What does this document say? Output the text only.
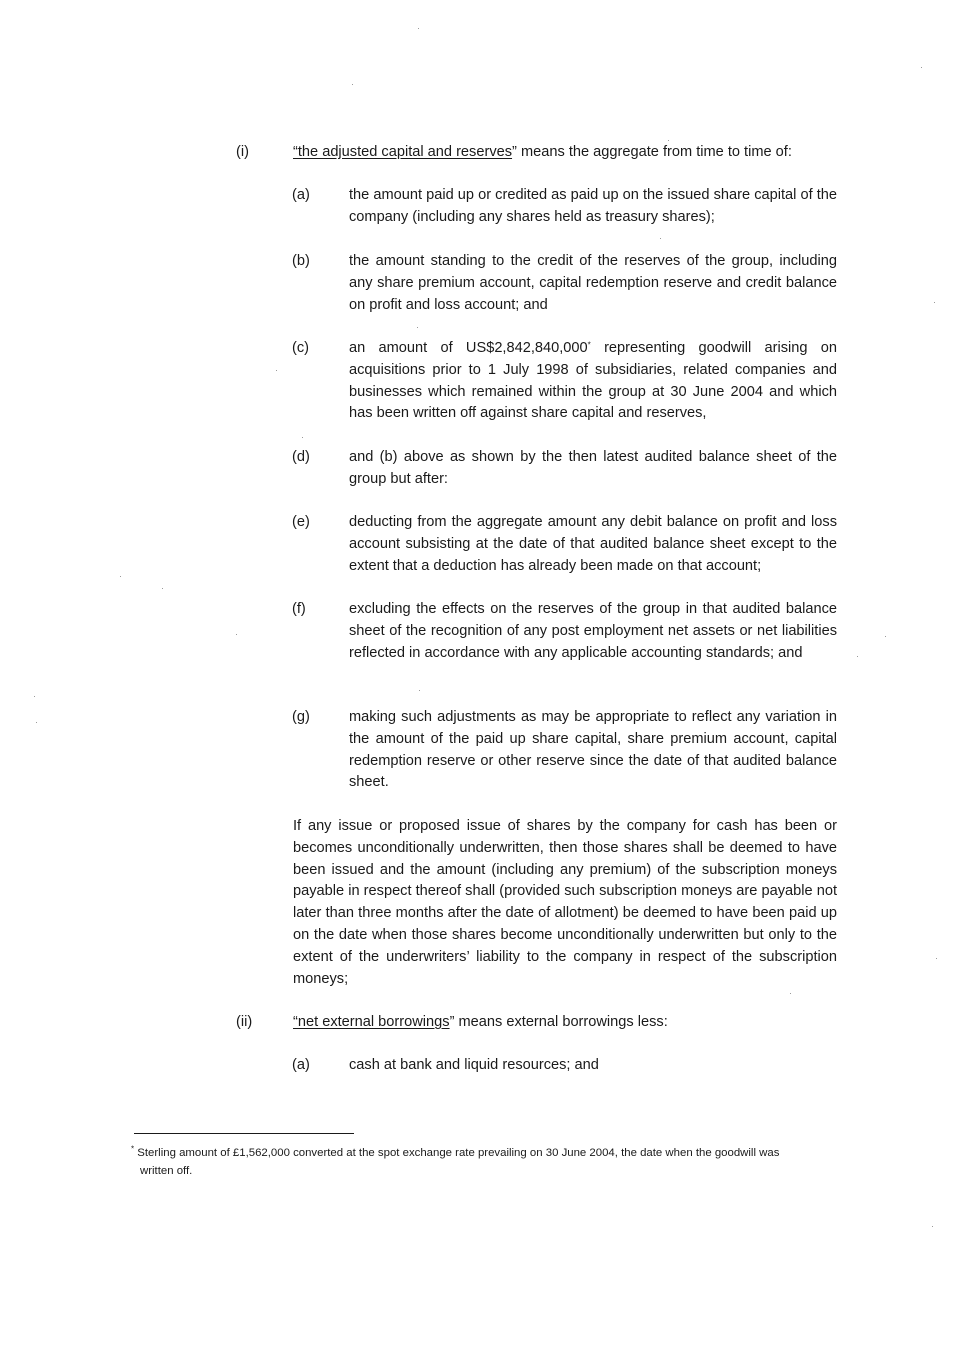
(i)	“the adjusted capital and reserves” means the aggregate from time to time of:
(a)	the amount paid up or credited as paid up on the issued share capital of the company (including any shares held as treasury shares);
(b)	the amount standing to the credit of the reserves of the group, including any share premium account, capital redemption reserve and credit balance on profit and loss account; and
(c)	an amount of US$2,842,840,000* representing goodwill arising on acquisitions prior to 1 July 1998 of subsidiaries, related companies and businesses which remained within the group at 30 June 2004 and which has been written off against share capital and reserves,
(d)	and (b) above as shown by the then latest audited balance sheet of the group but after:
(e)	deducting from the aggregate amount any debit balance on profit and loss account subsisting at the date of that audited balance sheet except to the extent that a deduction has already been made on that account;
(f)	excluding the effects on the reserves of the group in that audited balance sheet of the recognition of any post employment net assets or net liabilities reflected in accordance with any applicable accounting standards; and
(g)	making such adjustments as may be appropriate to reflect any variation in the amount of the paid up share capital, share premium account, capital redemption reserve or other reserve since the date of that audited balance sheet.
If any issue or proposed issue of shares by the company for cash has been or becomes unconditionally underwritten, then those shares shall be deemed to have been issued and the amount (including any premium) of the subscription moneys payable in respect thereof shall (provided such subscription moneys are payable not later than three months after the date of allotment) be deemed to have been paid up on the date when those shares become unconditionally underwritten but only to the extent of the underwriters’ liability to the company in respect of the subscription moneys;
(ii)	“net external borrowings” means external borrowings less:
(a)	cash at bank and liquid resources; and
* Sterling amount of £1,562,000 converted at the spot exchange rate prevailing on 30 June 2004, the date when the goodwill was
written off.
